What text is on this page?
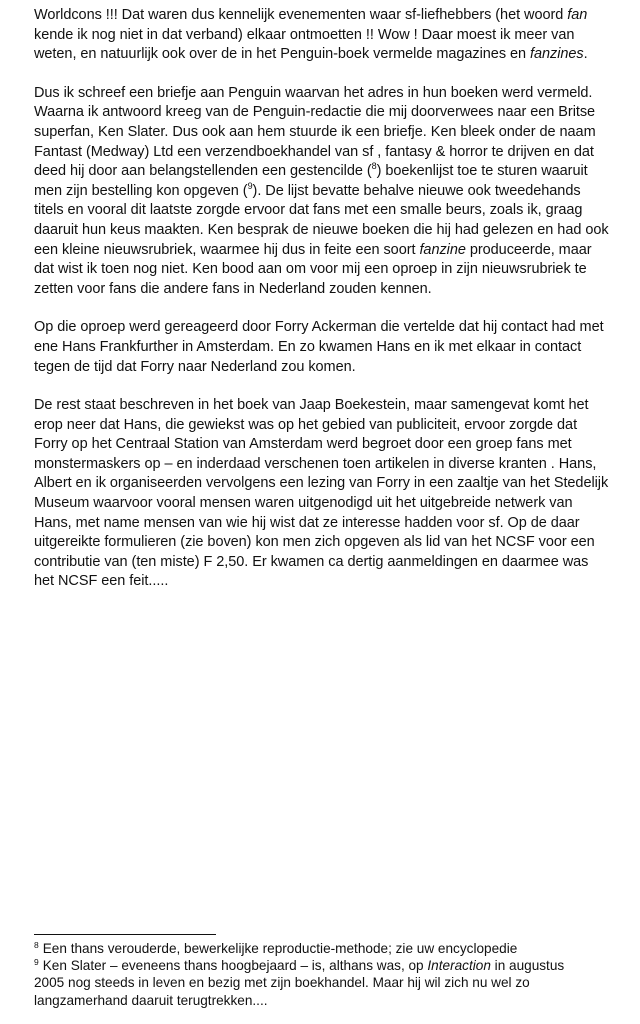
Worldcons !!! Dat waren dus kennelijk evenementen waar sf-liefhebbers (het woord fan
kende ik nog niet in dat verband) elkaar ontmoetten !! Wow ! Daar moest ik meer van
weten, en natuurlijk ook over de in het Penguin-boek vermelde magazines en fanzines.
Dus ik schreef een briefje aan Penguin waarvan het adres in hun boeken werd vermeld.
Waarna ik antwoord kreeg van de Penguin-redactie die mij doorverwees naar een Britse
superfan, Ken Slater. Dus ook aan hem stuurde ik een briefje. Ken bleek onder de naam
Fantast (Medway) Ltd een verzendboekhandel van sf , fantasy & horror te drijven en dat
deed hij door aan belangstellenden een gestencilde ($^8$) boekenlijst toe te sturen waaruit
men zijn bestelling kon opgeven ($^9$). De lijst bevatte behalve nieuwe ook tweedehands
titels en vooral dit laatste zorgde ervoor dat fans met een smalle beurs, zoals ik, graag
daaruit hun keus maakten. Ken besprak de nieuwe boeken die hij had gelezen en had ook
een kleine nieuwsrubriek, waarmee hij dus in feite een soort fanzine produceerde, maar
dat wist ik toen nog niet. Ken bood aan om voor mij een oproep in zijn nieuwsrubriek te
zetten voor fans die andere fans in Nederland zouden kennen.
Op die oproep werd gereageerd door Forry Ackerman die vertelde dat hij contact had met
ene Hans Frankfurther in Amsterdam. En zo kwamen Hans en ik met elkaar in contact
tegen de tijd dat Forry naar Nederland zou komen.
De rest staat beschreven in het boek van Jaap Boekestein, maar samengevat komt het
erop neer dat Hans, die gewiekst was op het gebied van publiciteit, ervoor zorgde dat
Forry op het Centraal Station van Amsterdam werd begroet door een groep fans met
monstermaskers op – en inderdaad verschenen toen artikelen in diverse kranten . Hans,
Albert en ik organiseerden vervolgens een lezing van Forry in een zaaltje van het Stedelijk
Museum waarvoor vooral mensen waren uitgenodigd uit het uitgebreide netwerk van
Hans, met name mensen van wie hij wist dat ze interesse hadden voor sf. Op de daar
uitgereikte formulieren (zie boven) kon men zich opgeven als lid van het NCSF voor een
contributie van (ten miste) F 2,50. Er kwamen ca dertig aanmeldingen en daarmee was
het NCSF een feit.....
$^8$ Een thans verouderde, bewerkelijke reproductie-methode; zie uw encyclopedie
$^9$ Ken Slater – eveneens thans hoogbejaard – is, althans was, op Interaction in augustus
2005 nog steeds in leven en bezig met zijn boekhandel. Maar hij wil zich nu wel zo
langzamerhand daaruit terugtrekken....
